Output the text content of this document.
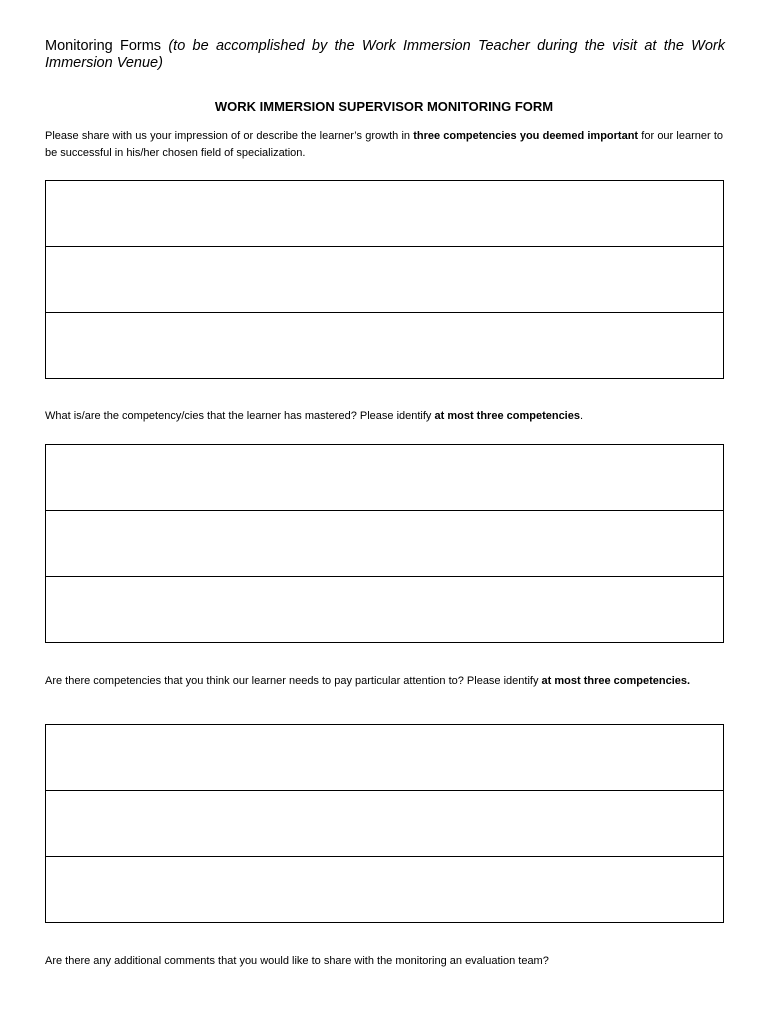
Monitoring Forms (to be accomplished by the Work Immersion Teacher during the visit at the Work Immersion Venue)
WORK IMMERSION SUPERVISOR MONITORING FORM
Please share with us your impression of or describe the learner’s growth in three competencies you deemed important for our learner to be successful in his/her chosen field of specialization.
What is/are the competency/cies that the learner has mastered? Please identify at most three competencies.
Are there competencies that you think our learner needs to pay particular attention to? Please identify at most three competencies.
Are there any additional comments that you would like to share with the monitoring an evaluation team?
